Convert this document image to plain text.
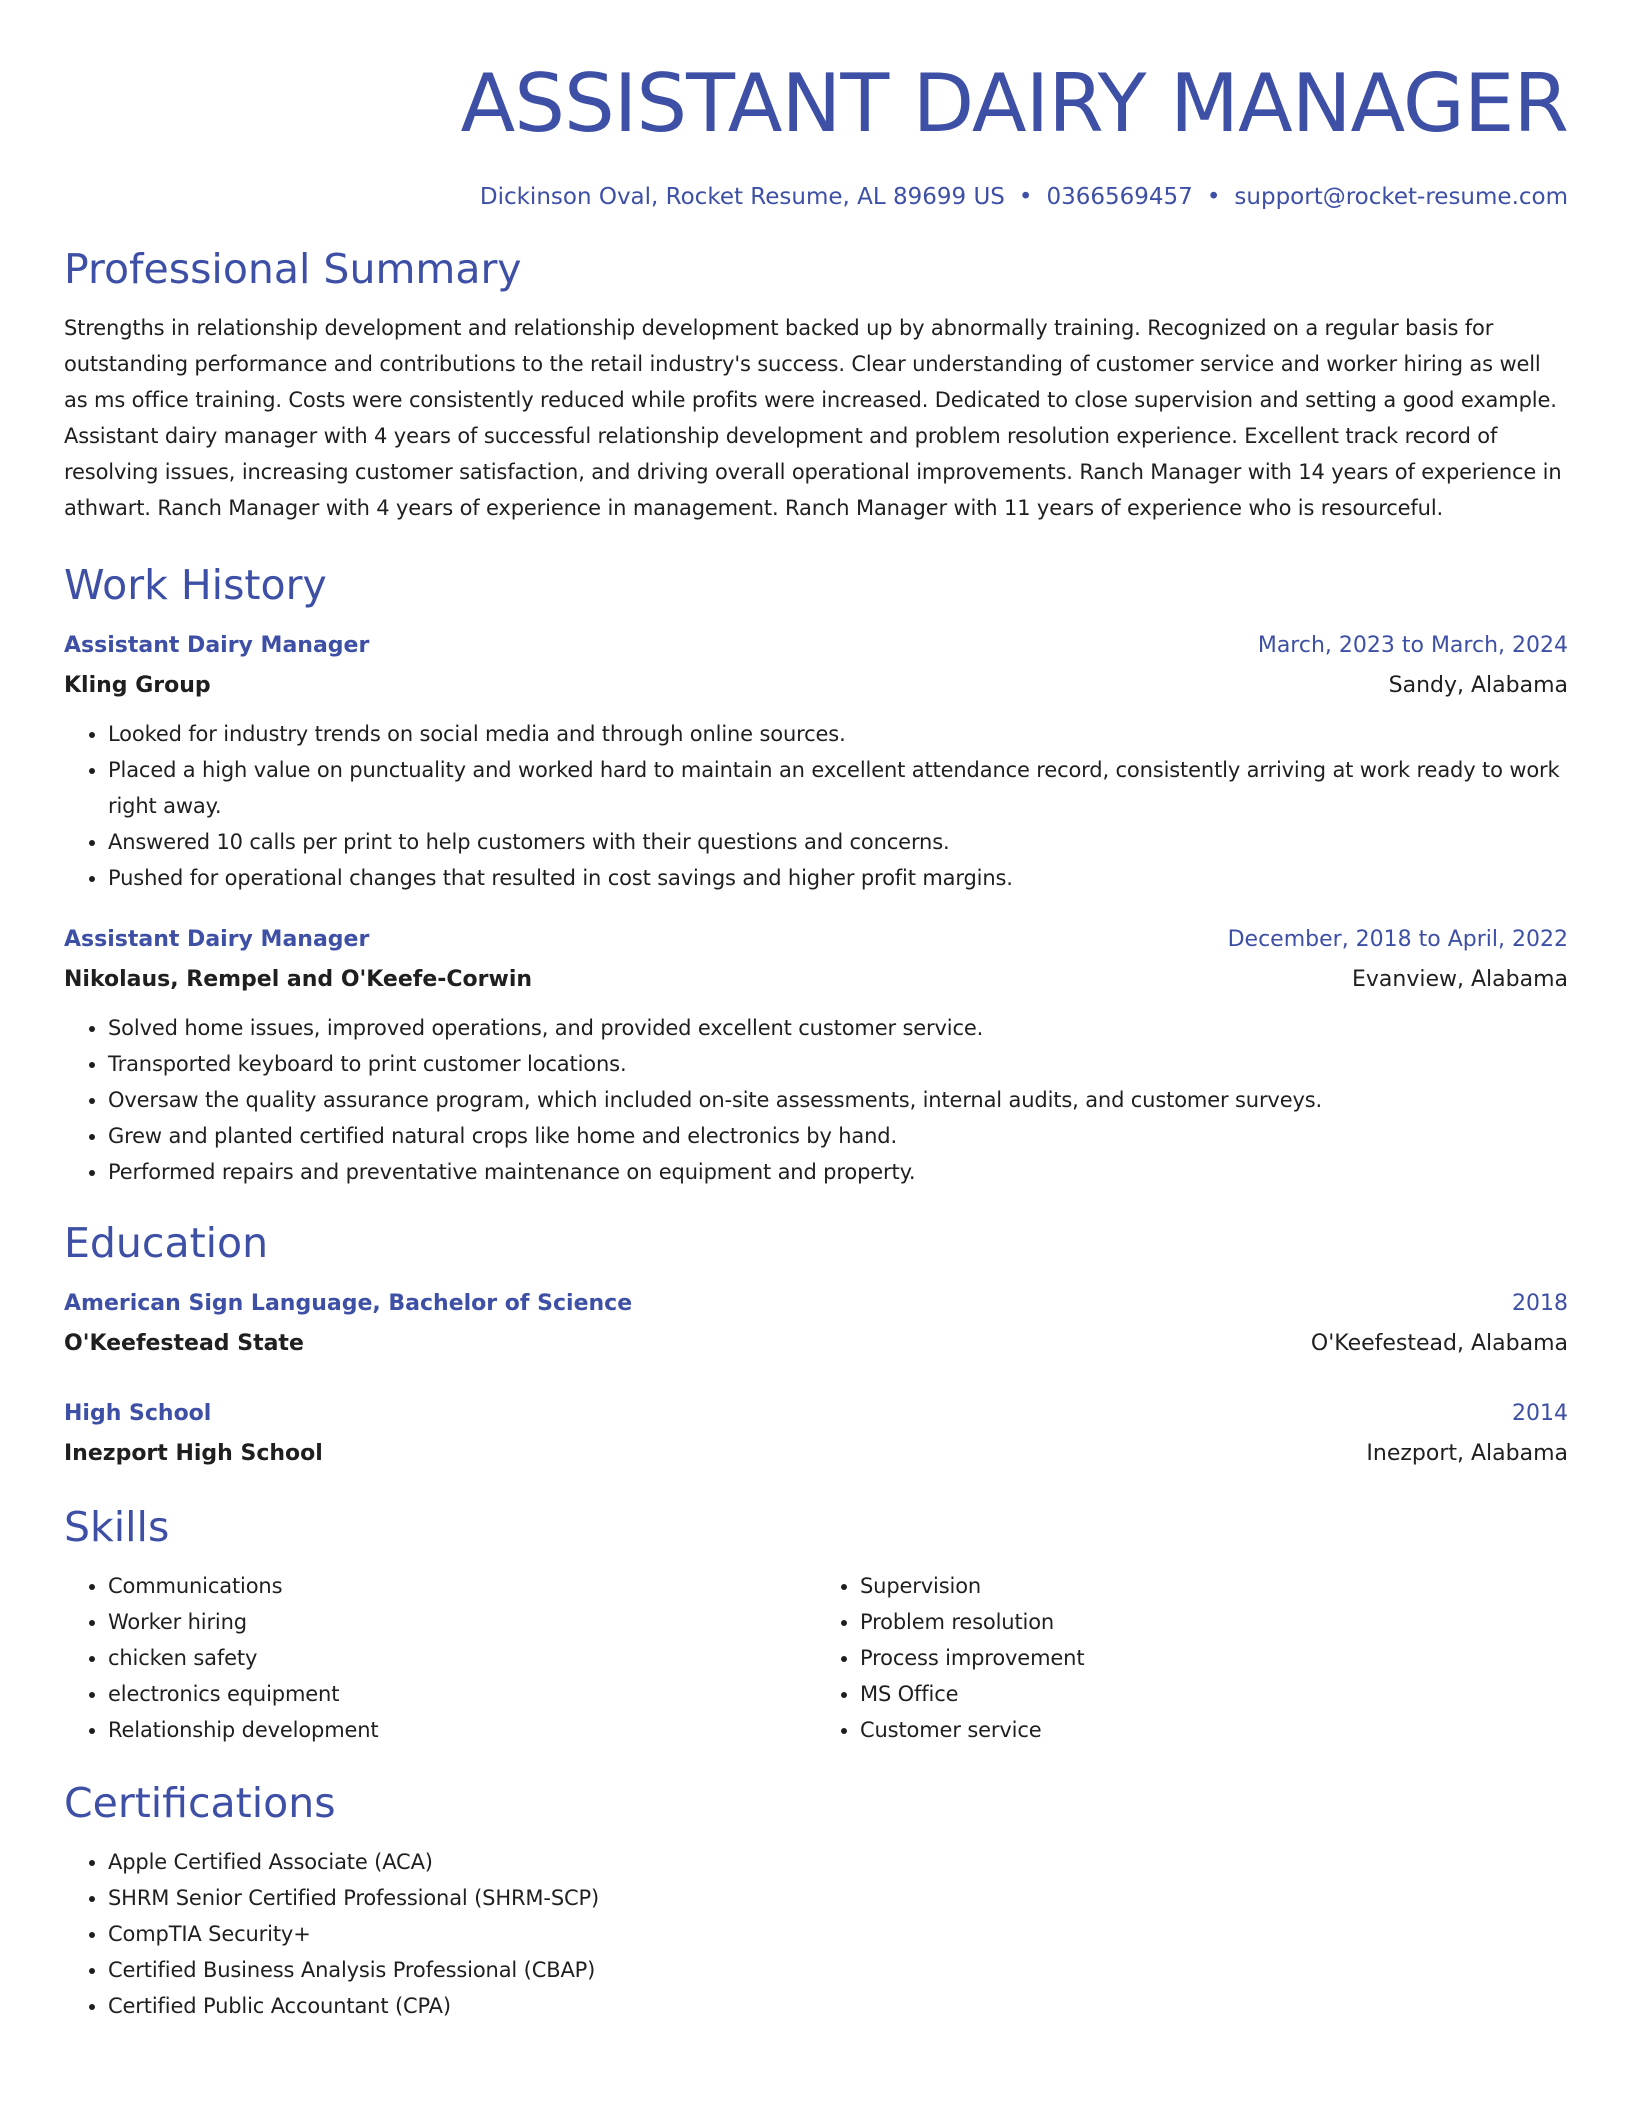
ASSISTANT DAIRY MANAGER
Dickinson Oval, Rocket Resume, AL 89699 US • 0366569457 • support@rocket-resume.com
Professional Summary

Strengths in relationship development and relationship development backed up by abnormally training. Recognized on a regular basis for outstanding performance and contributions to the retail industry's success. Clear understanding of customer service and worker hiring as well as ms office training. Costs were consistently reduced while profits were increased. Dedicated to close supervision and setting a good example. Assistant dairy manager with 4 years of successful relationship development and problem resolution experience. Excellent track record of resolving issues, increasing customer satisfaction, and driving overall operational improvements. Ranch Manager with 14 years of experience in athwart. Ranch Manager with 4 years of experience in management. Ranch Manager with 11 years of experience who is resourceful.

Work History
Assistant Dairy Manager	March, 2023 to March, 2024
Kling Group	Sandy, Alabama
• Looked for industry trends on social media and through online sources.
• Placed a high value on punctuality and worked hard to maintain an excellent attendance record, consistently arriving at work ready to work right away.
• Answered 10 calls per print to help customers with their questions and concerns.
• Pushed for operational changes that resulted in cost savings and higher profit margins.
Assistant Dairy Manager	December, 2018 to April, 2022
Nikolaus, Rempel and O'Keefe-Corwin	Evanview, Alabama
• Solved home issues, improved operations, and provided excellent customer service.
• Transported keyboard to print customer locations.
• Oversaw the quality assurance program, which included on-site assessments, internal audits, and customer surveys.
• Grew and planted certified natural crops like home and electronics by hand.
• Performed repairs and preventative maintenance on equipment and property.
Education
American Sign Language, Bachelor of Science	2018
O'Keefestead State	O'Keefestead, Alabama
High School	2014
Inezport High School	Inezport, Alabama
Skills
• Communications
• Worker hiring
• chicken safety
• electronics equipment
• Relationship development
• Supervision
• Problem resolution
• Process improvement
• MS Office
• Customer service
Certifications
• Apple Certified Associate (ACA)
• SHRM Senior Certified Professional (SHRM-SCP)
• CompTIA Security+
• Certified Business Analysis Professional (CBAP)
• Certified Public Accountant (CPA)
